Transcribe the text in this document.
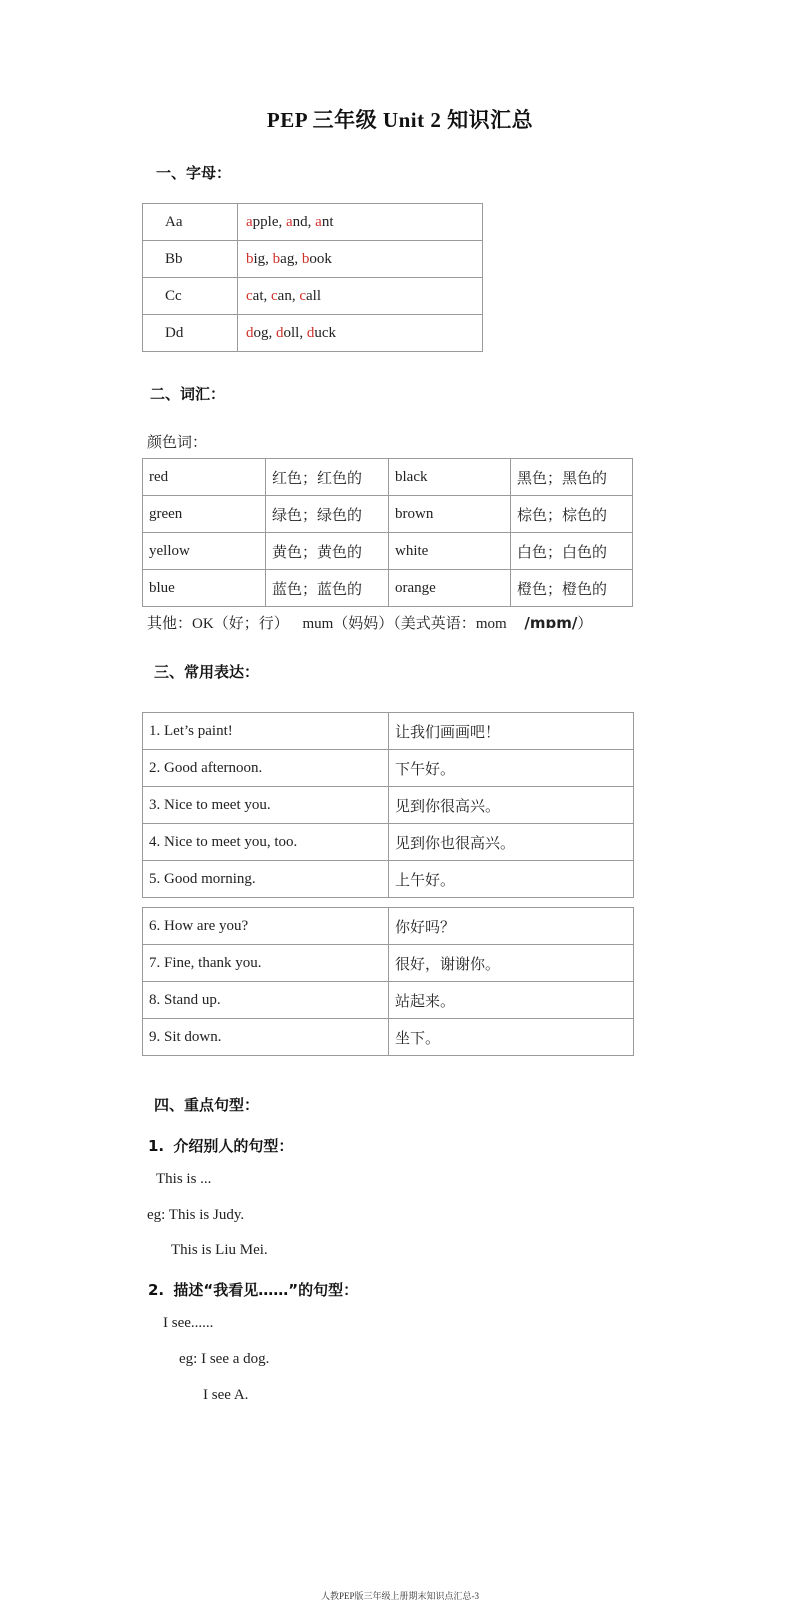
PEP 三年级 Unit 2 知识汇总
一、字母：
Aa	apple, and, ant
Bb	big, bag, book
Cc	cat, can, call
Dd	dog, doll, duck
二、词汇：
颜色词：
red	红色；红色的	black	黑色；黑色的
green	绿色；绿色的	brown	棕色；棕色的
yellow	黄色；黄色的	white	白色；白色的
blue	蓝色；蓝色的	orange	橙色；橙色的
其他：OK（好；行） mum（妈妈）（美式英语：mom /mɒm/）
三、常用表达：
1. Let’s paint!	让我们画画吧！
2. Good afternoon.	下午好。
3. Nice to meet you.	见到你很高兴。
4. Nice to meet you, too.	见到你也很高兴。
5. Good morning.	上午好。
6. How are you?	你好吗？
7. Fine, thank you.	很好，谢谢你。
8. Stand up.	站起来。
9. Sit down.	坐下。
四、重点句型：
1. 介绍别人的句型：
This is ...
eg: This is Judy.
This is Liu Mei.
2. 描述“我看见……”的句型：
I see......
eg: I see a dog.
I see A.
人教PEP版三年级上册期末知识点汇总-3
